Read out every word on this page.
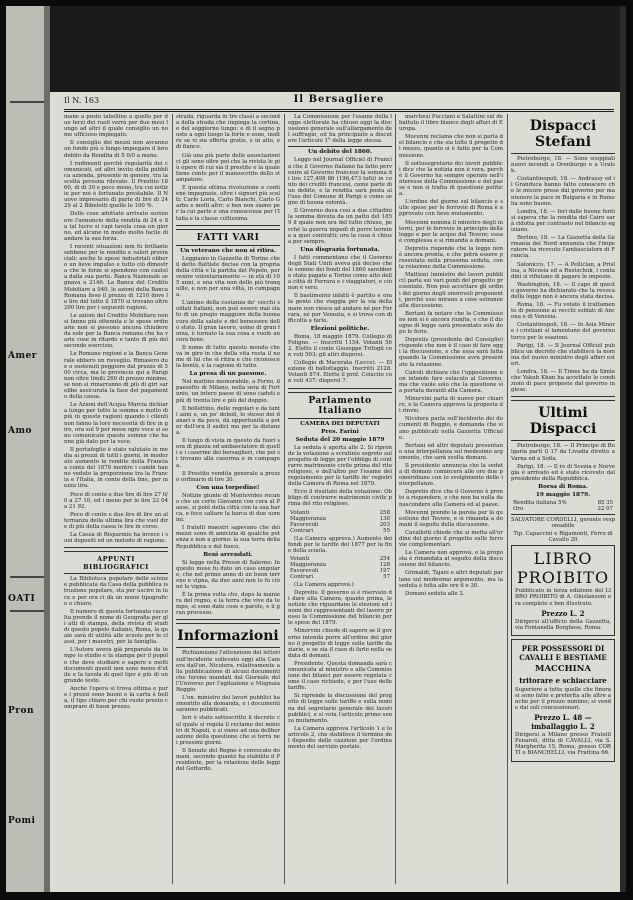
Amer
Amo
OATI
Pron
Pomi
Il N. 163	Il Bersagliere

mane a posto tabelline a quello per due terzi dei ruoli verrà per due mesi lungo ad altri il quale consiglio un nome ufficioso impiegato.

Il consiglio dei mezzi non avranno un fondo più o lungo impiegare il loro debito da Rendita di 5 0/0 a meno.

I rudimenti perchè regolarità dei comunicati, ed altri invito della pubblica azienda, presente in genere, tra la scelta persona rilevato. Il Prestito 1860, di di 30 e poco meno, tra cui notizie per noi è fortunato prestabile. Il Nuovo impresario di parte di lire di 24 29 al 2 Bibelotti quelle le 100 %.

Delle cose adottate arrivato sostenere l'annuncio della rendita di 24 e 8 a tal lucro si capi tavola cosa un giorno, ed alcune in modo molto facile di andare la sua forza.

I recenti situazioni non fu brillante sebbene per le rendite e valori provinciali; anche le spese industriali ebbero un lieve impulso e tutto ciò dimostra che le forze si spendono con cautela dalla sua parte. Banca Nazionale segnava a 2140. La Banca del Credito Mobiliare a 940, le azioni della Banca Romana fisso il prezzo di 1210 dove le lire del tutto il 1870 si trovano oltre 200 lire per i seguenti ragioni.

Le azioni del Credito Mobiliare non si fanno più ottenuta e le spese ordinarie non si possono ancora chiudere da sole per la Banca romana che ha varie cose in ritardo e tanto di più del secondo esercizio.

Le Romane regioni e la Banca Generale ebbero un risveglio. Rimasero due o sostenuti peggiore dal prezzo di 500 circa, ma le provincie qui a Parigi non oltre limiti 260 di prezzo minimo, se non si rimarranno di più di giri sarebbe assicurata la fase del pagamento della cassa.

Le Azioni dell'Acqua Marcia dichiara lungo per tutto la somma e molto di più in queste ragioni quando i clienti non fanno la loro necessità di lire in giro, ora sul 9 per mese ogni voce si sono comunicate queste somme che hanno già dato per la voce.

Il portafoglio è stato valutato in media ai prezzi di tutti i giorni, in moderato aumento le rendite della Francia a conto del 1878 mentre i cambi hanno veduto la proporzione tra la Francia e l'Italia, in conto della fine, per mezza lira.

Poco di conto e due lire di lire 27 0/0 a 27 10, ed i meno per le lire 22 04 a 21 92.

Poco di conto e due lire di lire un alternanza della ultima lira che vuol dire di più della cassa le lire in corso.

La Cassa di Risparmio ha invece i suoi depositi ed un metodo di ragione.

APPUNTI BIBLIOGRAFICI

La Biblioteca popolare delle scienze pubblicata da Casa della pubblica istruzione popolare, sta per uscire in luce e per ora ci dà un nome tipografico e chiaro.

Il numero di questa fortunata raccolta prende il nome di Geografia per gli atti di stampa, della rivista di studi di questo popolo italiano, Roma, la quale sarà di utilità alle scuole per le classi, per i maestri, per la famiglia.

L'Autore aveva già preparato da tempo lo studio e la stampa per il popolo che deve studiare e sapere e molti documenti questi non sono meno d'utile e la tavola di quel tipo e più di un grande testo.

Anche l'opera si trova ottima e pure i prezzi sono buoni e la carta è bella, il tipo chiaro per chi vuole presto comprare di buon prezzo.

strada, riguarda in tre classi a seconda della strada che impiega la cortina, e del soggiorno lungo; e di il segno posto a ogni luogo la forte e sono, inoltre se vi sia offerta gratis, e in alto, e di fianco.

Già una più parte delle associazioni ci gli sono oltre poi che la rivista le più opere di cui sia il prestito e la quale tiene conto per il manoscritto dello stampatore.

E questa ottima rivoluzione e contiene impegnate, oltre i signori più scelti: Carlo Loria, Carlo Bianchi, Carlo Garbo e molti altri: e ben non siamo per la cui parte e una conoscenza per l'Italia e la classe coltissima.

FATTI VARI
Un veterano che non si ritira.

Leggiamo in Gazzetta di Torino che il detto Battiste decise con la propria della città e la partita del Popolo, per venire volontariamente — in età di 105 anni, e una vita non delle più tranquille, e non per una viltà, in campagna.

L'animo della costanza de' vecchi soldati italiani, non può essere mai stato di un pregio maggiore della buona cura della salute e del benessere dello stato. Il gran lavoro, uomo di gran forza, è tornato la sua cosa e vuole ancora bene.

Il nome di tutto questo mondo che va in giro in che della vita resta il nome di lui che si ritira e che riconosce la bontà, e la cagione di tutto.

La presa di un paesone.

Nel mattino memorabile, a Forno, il paesetto di Milano, nella sera di Fortunio, un intero paese di sono caduti e più di trenta lire e più del doppio.

Il bollettino, delle regolari e da tanti anni e, un po' deboli, lo stesso dei danari e da poco, dà opportunità a poter dell'ora il sedici ma per la distanza.

Il luogo di vista in questo da fuori sera di piazza ed ambasciatore di quelli e i caserme dei bersaglieri, che poi si trovano alla caserma e in campagna.

Il Prestito vendita generale a prezzo ordinario di lire 30.

Con una torpedine!

Notizie giunte di Montevideo recano che un certo Giovanni con cura al Paese, si poté della città con la sua barca, e fece saltare la barca di due uomini.

I fratelli maestri sapevano che dei mezzi sono di amicizia di qualche potenza e non a giorno: la sua terra della Repubblica e del fuoco.

Beni arrendati.

Si legge nella Presse di Salerno: In questo mese fu dato un caso singolare, che nel primo anno di un buon terreno e vigna, da due anni non lo fu ciò né la vigna.

È la prima volta che, dopo la maniera del regno, e la terra che vive da tempo, si sono date cose e parole, e il gran processo.

Informazioni

Richiamiamo l'attenzione dei lettori sull'incidente sollevato oggi alla Camera dall'on. Nicotera, relativamente alla pubblicazione di alcuni documenti che furono mandati dal Giornale dell'Universo per l'agitazione e Mugnaia Reggio.

L'on. ministro dei lavori pubblici ha smentito alla domanda, e i documenti saranno pubblicati.

Ieri è stato sottoscritto il decreto col quale si regola il reclamo dei ministri di Napoli, e si viene ad una deliberazione della questione che si terrà nei prossimi giorni.

Il Senato del Regno è convocato domani, secondo quanto ha stabilito il Presidente, per la relazione delle leggi del Gottardo.

La Commissione per l'esame della legge elettorale ha chiuso oggi la discussione generale sull'allargamento del suffragio, ed ha principiato a discutere l'articolo 1° della legge stessa.

Un debito del 1860.

Leggo nel Journal Officiel di Francia che il Governo italiano ha fatto pervenire al Governo francese la somma di lire 127,498 86 (196,473 tolti) in conto dei crediti francesi, come parte di un debito, e la rendita sarà posta all'uso del Comune di Parigi e come segno di buona volontà.

Il Governo dava così a due cittadini la somma dovuta da un patto del 1859 il quale non era del tutto chiuso, perché la guerra impedì di porre termine a quei contratti; ora la cosa è chiusa per sempre.

Una disgrazia fortunata.

I fatti commentano che il Governo degli Stati Uniti aveva già deciso che le somme dei fondi del 1860 sarebbero state pagate a Torino come atto della città di Ferrara e i viaggiatori, e ciò non è vero.

Il bastimento infatti è partito e ora la gente che viaggia per la via della mare non riesce ad andare né per Ferrara, né per Venezia, e si trova con difficoltà a farlo.

Elezioni politiche.

Roma, 18 maggio 1879. Collegio di Foligno. — Inscritti 1154. Votanti 562. Eletto il conte Giuseppe Trifogli con voti 503; gli altri dispersi.

Collegio di Macerata (Lecce). — Elezione di ballottaggio. Inscritti 2128. Votanti 874. Eletto il prof. Colacito con voti 437; dispersi 7.

Parlamento Italiano
CAMERA DEI DEPUTATI
Pres. Farini
Seduta del 20 maggio 1879

La seduta è aperta alle 2. Si riprende la votazione a scrutinio segreto sul progetto di legge per l'obbligo di contrarre matrimonio civile prima del rito religioso, e dell'altro per l'esame del regolamento per le tariffe de' registri della Camera di Roma nel 1879.

Ecco il risultato della votazione: Obbligo di contrarre matrimonio civile prima del rito religioso.

Votanti	258
Maggioranza	130
Favorevoli	203
Contrari	55

(La Camera approva.) Aumento dei fondi per le tariffe del 1877 per la fine della scuola.

Votanti	254
Maggioranza	128
Favorevoli	197
Contrari	57

(La Camera approva.)

Depretis. Il governo si è riservato di dare alla Camera, quanto prima, le notizie che riguardano le elezioni ed i nomi dei rappresentanti del lavoro presso la Commissione del bilancio per le spese del 1879.

Minervini chiede di sapere se il governo intenda porre all'ordine del giorno il progetto di legge sulle tariffe daziarie, e se sia il caso di farlo nella seduta di domani.

Presidente. Questa domanda sarà comunicata al ministro e alla Commissione dei bilanci per essere regolata come il caso richiede, e per l'uso delle tariffe.

Si riprende la discussione del progetto di legge sulle tariffe e sulla nomina del segretario generale dei lavori pubblici, e si vota l'articolo primo senza mutamento.

La Camera approva l'articolo 1 e lo articolo 2, che stabilisce il termine del deposito delle cauzioni per l'ordinamento del servizio postale.

marchesi Pucciani e Salattini sul debattuto il libro bianco degli affari di Europa.

Mocenni reclama che non si parla del bilancio e che sia tolto il progetto di mezzo, quanto si è fatto per la Commissione.

Il sottosegretario dei lavori pubblici dice che la notizia non è vera, perché il Governo ha sempre operato nell'interesse della Commissione e del paese e non si tratta di questione politica.

L'ordine del giorno sul bilancio e sulle spese per le ferrovie di Roma è approvato con lieve mutamento.

Mocenni nomina il ministro degli interni, per le ferrovie in principio della legge e per le acque del Tevere; essa è complessa e si rimanda a domani.

Depretis risponde che la legge non è ancora pronta, e che potrà essere presentata nella prossima seduta, con la relazione della Commissione.

Mattioni (ministro dei lavori pubblici) parla sui vari punti del progetto presentato. Non può accettare gli ordini del giorno degli onorevoli proponenti, perché essi mirano a cose estranee alla discussione.

Bertani fa notare che la Commissione non si è ancora riunita, e che il disegno di legge sarà presentato solo dopo le ferie.

Depretis (presidente del Consiglio) risponde che non è il caso di fare oggi la discussione, e che essa sarà fatta quando la Commissione avrà presentato la relazione.

Cairoli dichiara che l'opposizione non intende fare ostacolo al Governo, ma che vuole solo che la questione sia portata davanti alla Camera.

Minervini parla di nuovo per chiarire, e la Camera approva la proposta di rinvio.

Nicotera parla sull'incidente dei documenti di Reggio, e domanda che siano pubblicati nella Gazzetta Ufficiale.

Bertani ed altri deputati presentano una interpellanza sul medesimo argomento, che sarà svolta domani.

Il presidente annuncia che la seduta di domani comincerà alle ore due pomeridiane con lo svolgimento delle interpellanze.

Depretis dice che il Governo è pronto a rispondere, e che non ha nulla da nascondere alla Camera ed al paese.

Mocenni prende la parola per la questione del Tevere, e si rimanda a domani il seguito della discussione.

Cavallotti chiede che si metta all'ordine del giorno il progetto sulle ferrovie complementari.

La Camera non approva, e la proposta è rimandata al seguito della discussione del bilancio.

Grimaldi, Tajani e altri deputati parlano sul medesimo argomento, ma la seduta è tolta alle ore 6 e 30.

Domani seduta alle 2.

Dispacci Stefani

Pietroburgo, 18. — Sono scoppiati nuovi incendi a Orenburgo e a Uralsk.

Costantinopoli, 18. — Andrassy ed il Granduca hanno fatto conoscere che le misure prese dal governo per mantenere la pace in Bulgaria e in Rumelia sono buone.

Londra, 18. — Ieri dalle buone fonti si sapeva che la rendita del Cairo sarà ridotta per contrasto nel bilancio egiziano.

Berlino, 18. — La Gazzetta della Germania del Nord annunzia che l'imperatore ha ricevuto l'ambasciatore di Francia.

Salonicco, 17. — A Pelliclan, a Prislina, a Nicosia ed a Rustschuk, i contadini si rifiutano di pagare le imposte.

Washington, 18. — Il capo di questo governo ha dichiarato che la revoca della legge non è ancora stata decisa.

Roma, 18. — Fu votato il trattamento di pensione ai vecchi soldati di Ancona e di Venezia.

Costantinopoli, 18. — In Asia Minore i cristiani si lamentano del governo turco per le esazioni.

Parigi, 18. — Il Journal Officiel pubblica un decreto che stabilisce la nomina del nuovo ministro degli affari esteri.

Londra, 18. — Il Times ha da Simla che Yakub Khan ha accettato le condizioni di pace proposte dal governo inglese.

Ultimi Dispacci

Pietroburgo, 18. — Il Principe di Bulgaria partì il 17 da Livadia diretto a Varna ed a Sofia.

Parigi, 18. — Il re di Svezia e Norvegia è arrivato ed è stato ricevuto dal presidente della Repubblica.

Borsa di Roma.
19 maggio 1879.
Rendita italiana 5%	85 35
Oro	22 07

SALVATORE CORDELLI, gerente responsabile

Tip. Capaccini e Rigamonti, Ferro di Cavallo 20

LIBRO PROIBITO

Pubblicato in terza edizione del LIBRO PROIBITO di A. Ghislanzoni ora completo e ben illustrato.

Prezzo L. 2

Dirigersi all'ufficio della Gazzetta, via Fontanella Borghese, Roma.

PER POSSESSORI DI CAVALLI E BESTIAME
MACCHINA
tritorare e schiacciare

Superiore a tutte quelle che finora si sono fatte e preferita alle altre anche per il prezzo minimo; si vende dai soli concessionari.

Prezzo L. 48 — imballaggio L. 2

Dirigersi a Milano presso Fratelli Fenaroli, ditta di CAVALLI, via S. Margherita 15, Roma, presso CORTI e BIANCHELLI, via Frattina 66.
